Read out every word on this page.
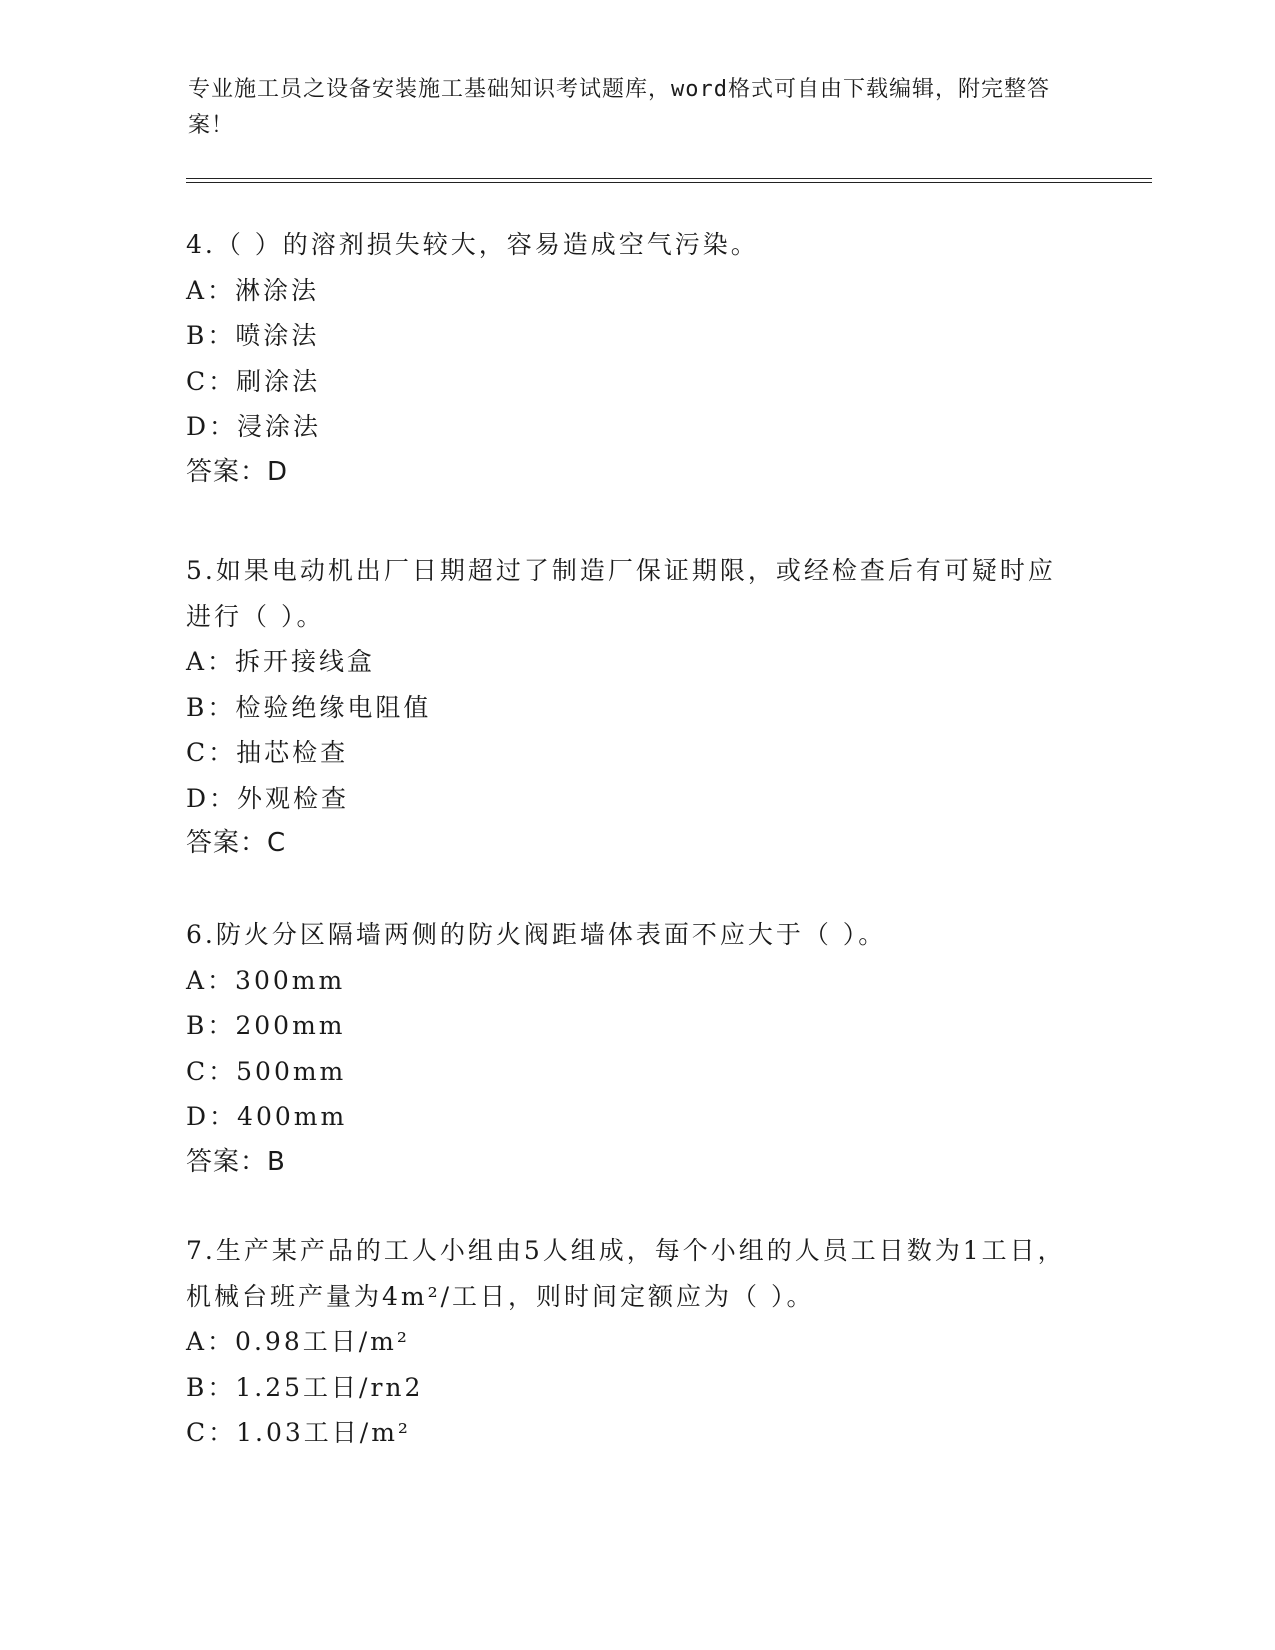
专业施工员之设备安装施工基础知识考试题库，word格式可自由下载编辑，附完整答案！
4.（ ）的溶剂损失较大，容易造成空气污染。
A：淋涂法
B：喷涂法
C：刷涂法
D：浸涂法
答案：D
5.如果电动机出厂日期超过了制造厂保证期限，或经检查后有可疑时应进行（ ）。
A：拆开接线盒
B：检验绝缘电阻值
C：抽芯检查
D：外观检查
答案：C
6.防火分区隔墙两侧的防火阀距墙体表面不应大于（ ）。
A：300mm
B：200mm
C：500mm
D：400mm
答案：B
7.生产某产品的工人小组由5人组成，每个小组的人员工日数为1工日，机械台班产量为4m²/工日，则时间定额应为（ ）。
A：0.98工日/m²
B：1.25工日/rn2
C：1.03工日/m²
